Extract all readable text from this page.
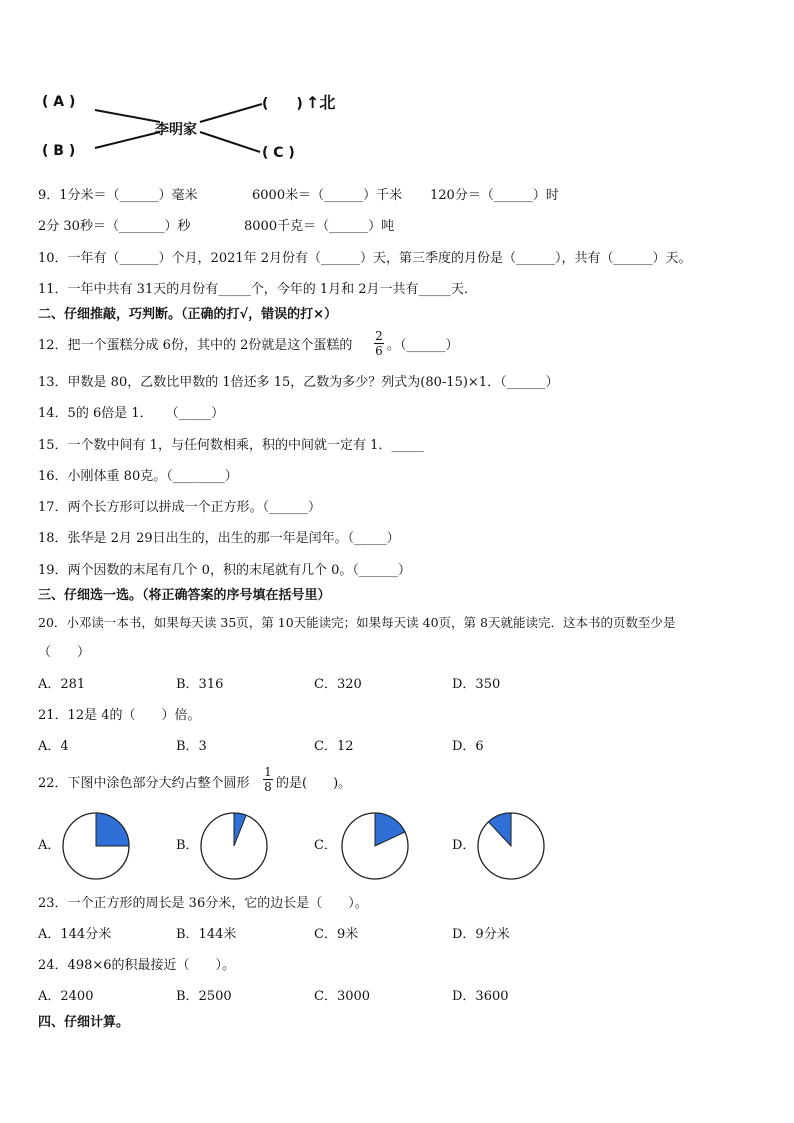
( A )
( B )
(　　) ↑北
李明家
( C )
9．1分米＝（______）毫米	6000米＝（______）千米 120分＝（______）时
2分 30秒＝（_______）秒	8000千克＝（______）吨
10．一年有（______）个月，2021年 2月份有（______）天，第三季度的月份是（______），共有（______）天。
11．一年中共有 31天的月份有_____个，今年的 1月和 2月一共有_____天．
二、仔细推敲，巧判断。（正确的打√，错误的打×）
12．把一个蛋糕分成 6份，其中的 2份就是这个蛋糕的
2
6 。（______）
13．甲数是 80，乙数比甲数的 1倍还多 15，乙数为多少？列式为(80-15)×1．（______）
14．5的 6倍是 1．　　（_____）
15．一个数中间有 1，与任何数相乘，积的中间就一定有 1．_____
16．小刚体重 80克。（________）
17．两个长方形可以拼成一个正方形。（______）
18．张华是 2月 29日出生的，出生的那一年是闰年。（_____）
19．两个因数的末尾有几个 0，积的末尾就有几个 0。（______）
三、仔细选一选。（将正确答案的序号填在括号里）
20．小邓读一本书，如果每天读 35页，第 10天能读完；如果每天读 40页，第 8天就能读完．这本书的页数至少是
（　　）
A．281	B．316	C．320	D．350
21．12是 4的（　　）倍。
A．4	B．3	C．12	D．6
22．下图中涂色部分大约占整个圆形
1
8 的是(　　)。
A．	B．	C．	D．
23．一个正方形的周长是 36分米，它的边长是（　　）。
A．144分米	B．144米	C．9米	D．9分米
24．498×6的积最接近（　　）。
A．2400	B．2500	C．3000	D．3600
四、仔细计算。
